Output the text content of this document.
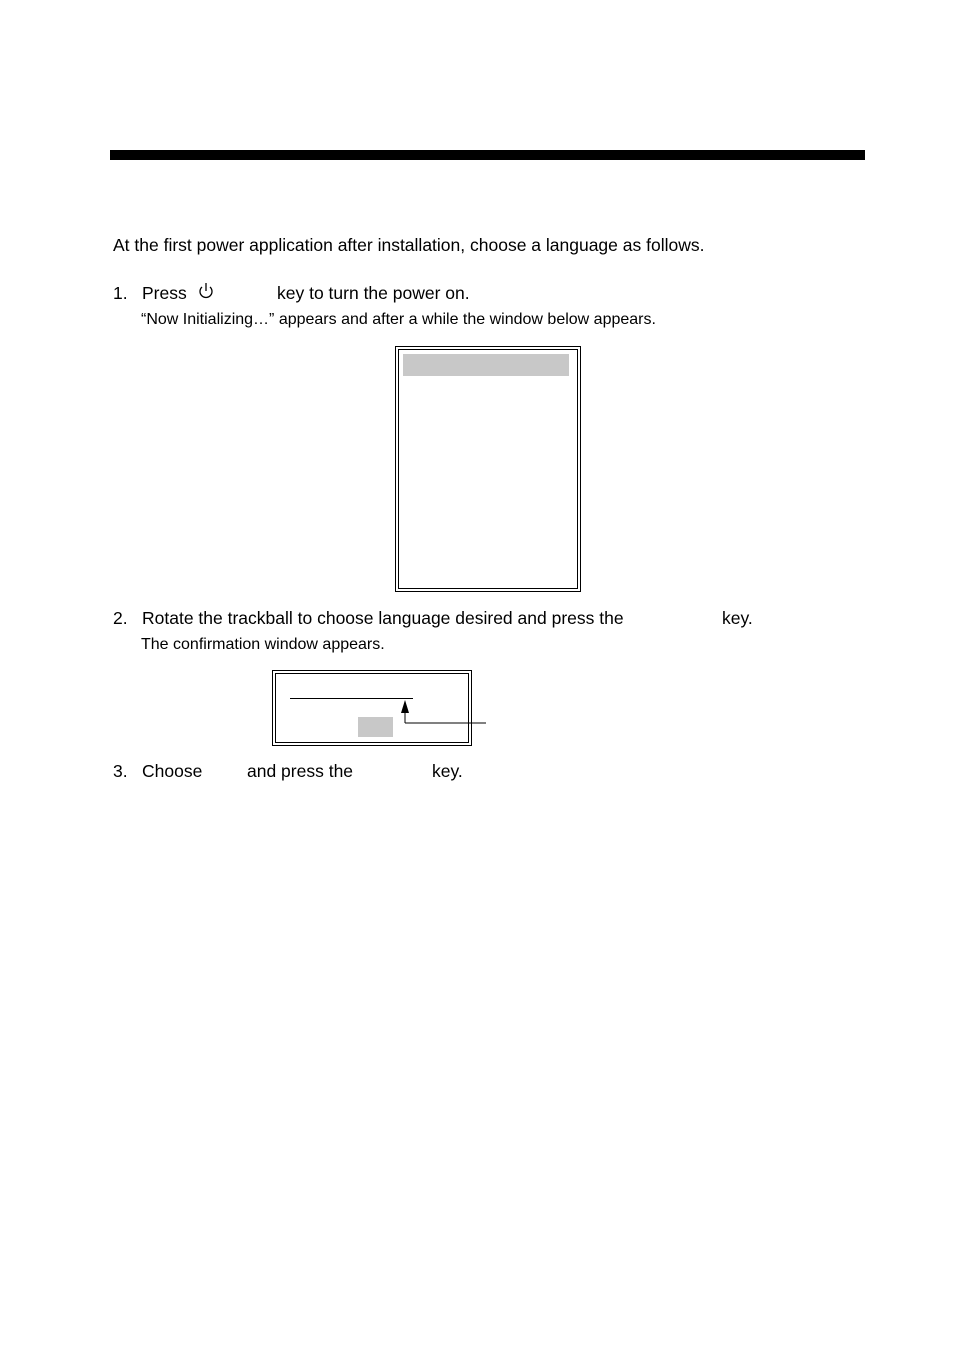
At the first power application after installation, choose a language as follows.
1. Press	key to turn the power on.
“Now Initializing…” appears and after a while the window below appears.
2. Rotate the trackball to choose language desired and press the	key.
The confirmation window appears.
3. Choose	and press the	key.
